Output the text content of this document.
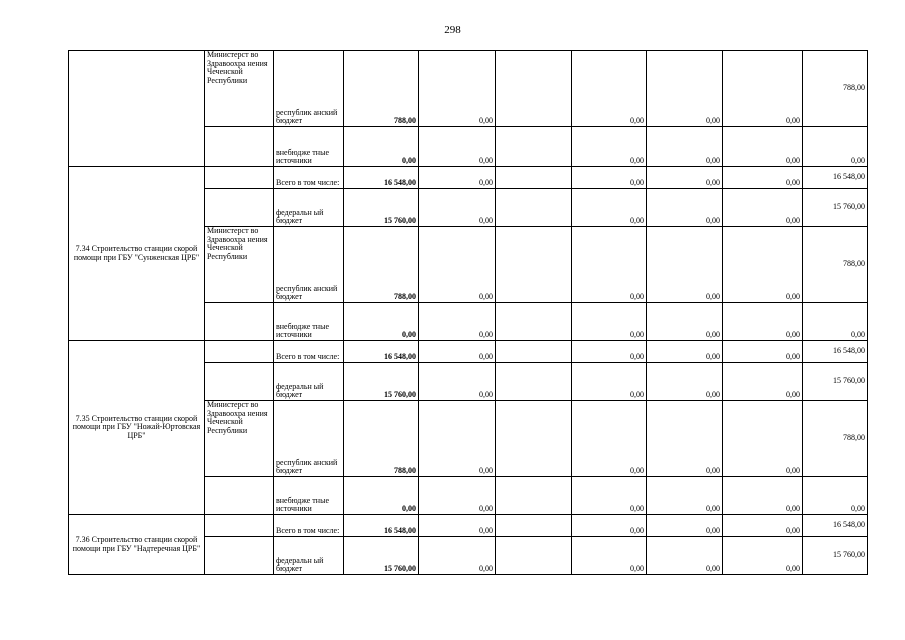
298
	Министерст во Здравоохра нения Чеченской Республики	республик анский бюджет	788,00	0,00		0,00	0,00	0,00	788,00
		внебюдже тные источники	0,00	0,00		0,00	0,00	0,00	0,00
7.34 Строительство станции скорой помощи при ГБУ "Сунженская ЦРБ"		Всего в том числе:	16 548,00	0,00		0,00	0,00	0,00	16 548,00
		федеральн ый бюджет	15 760,00	0,00		0,00	0,00	0,00	15 760,00
	Министерст во Здравоохра нения Чеченской Республики	республик анский бюджет	788,00	0,00		0,00	0,00	0,00	788,00
		внебюдже тные источники	0,00	0,00		0,00	0,00	0,00	0,00
7.35 Строительство станции скорой помощи при ГБУ "Ножай-Юртовская ЦРБ"		Всего в том числе:	16 548,00	0,00		0,00	0,00	0,00	16 548,00
		федеральн ый бюджет	15 760,00	0,00		0,00	0,00	0,00	15 760,00
	Министерст во Здравоохра нения Чеченской Республики	республик анский бюджет	788,00	0,00		0,00	0,00	0,00	788,00
		внебюдже тные источники	0,00	0,00		0,00	0,00	0,00	0,00
7.36 Строительство станции скорой помощи при ГБУ "Надтеречная ЦРБ"		Всего в том числе:	16 548,00	0,00		0,00	0,00	0,00	16 548,00
		федеральн ый бюджет	15 760,00	0,00		0,00	0,00	0,00	15 760,00
